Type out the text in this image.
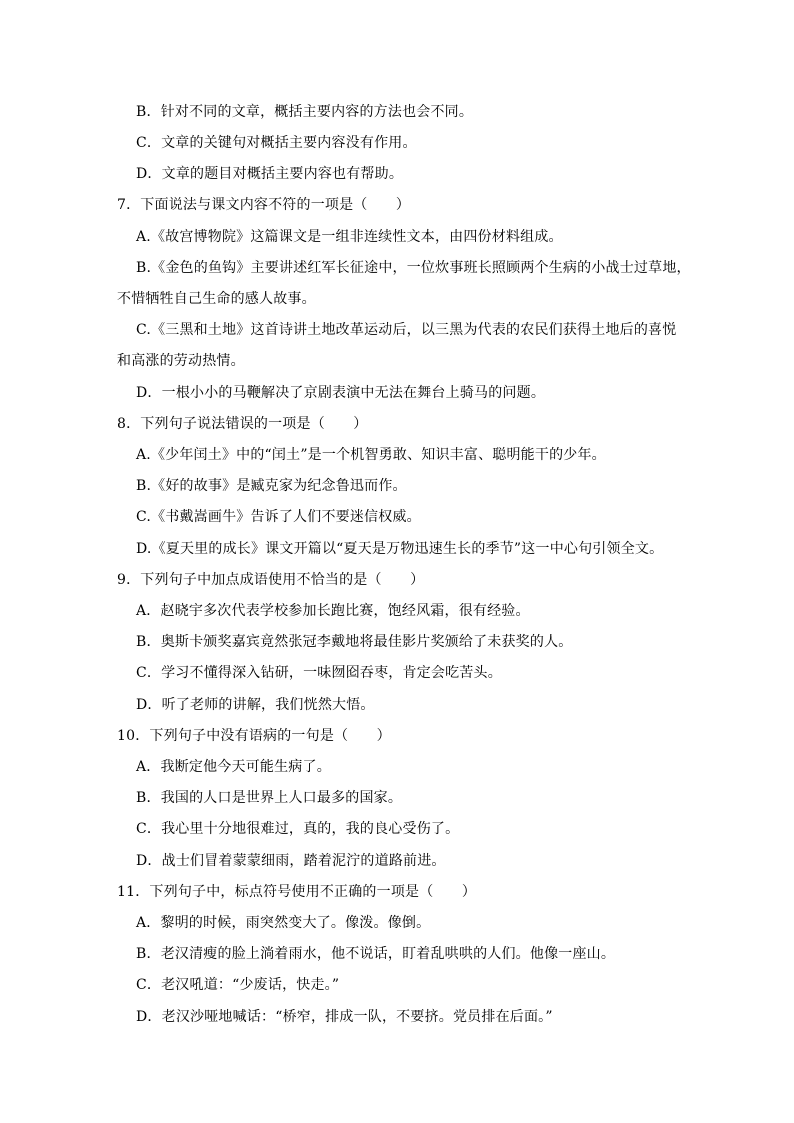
B．针对不同的文章，概括主要内容的方法也会不同。
C．文章的关键句对概括主要内容没有作用。
D．文章的题目对概括主要内容也有帮助。
7．下面说法与课文内容不符的一项是（　　）
A.《故宫博物院》这篇课文是一组非连续性文本，由四份材料组成。
B.《金色的鱼钩》主要讲述红军长征途中，一位炊事班长照顾两个生病的小战士过草地，
不惜牺牲自己生命的感人故事。
C.《三黑和土地》这首诗讲土地改革运动后，以三黑为代表的农民们获得土地后的喜悦
和高涨的劳动热情。
D．一根小小的马鞭解决了京剧表演中无法在舞台上骑马的问题。
8．下列句子说法错误的一项是（　　）
A.《少年闰土》中的“闰土”是一个机智勇敢、知识丰富、聪明能干的少年。
B.《好的故事》是臧克家为纪念鲁迅而作。
C.《书戴嵩画牛》告诉了人们不要迷信权威。
D.《夏天里的成长》课文开篇以“夏天是万物迅速生长的季节”这一中心句引领全文。
9．下列句子中加点成语使用不恰当的是（　　）
A．赵晓宇多次代表学校参加长跑比赛，饱经风霜，很有经验。
B．奥斯卡颁奖嘉宾竟然张冠李戴地将最佳影片奖颁给了未获奖的人。
C．学习不懂得深入钻研，一味囫囵吞枣，肯定会吃苦头。
D．听了老师的讲解，我们恍然大悟。
10．下列句子中没有语病的一句是（　　）
A．我断定他今天可能生病了。
B．我国的人口是世界上人口最多的国家。
C．我心里十分地很难过，真的，我的良心受伤了。
D．战士们冒着蒙蒙细雨，踏着泥泞的道路前进。
11．下列句子中，标点符号使用不正确的一项是（　　）
A．黎明的时候，雨突然变大了。像泼。像倒。
B．老汉清瘦的脸上淌着雨水，他不说话，盯着乱哄哄的人们。他像一座山。
C．老汉吼道：“少废话，快走。”
D．老汉沙哑地喊话：“桥窄，排成一队，不要挤。党员排在后面。”
